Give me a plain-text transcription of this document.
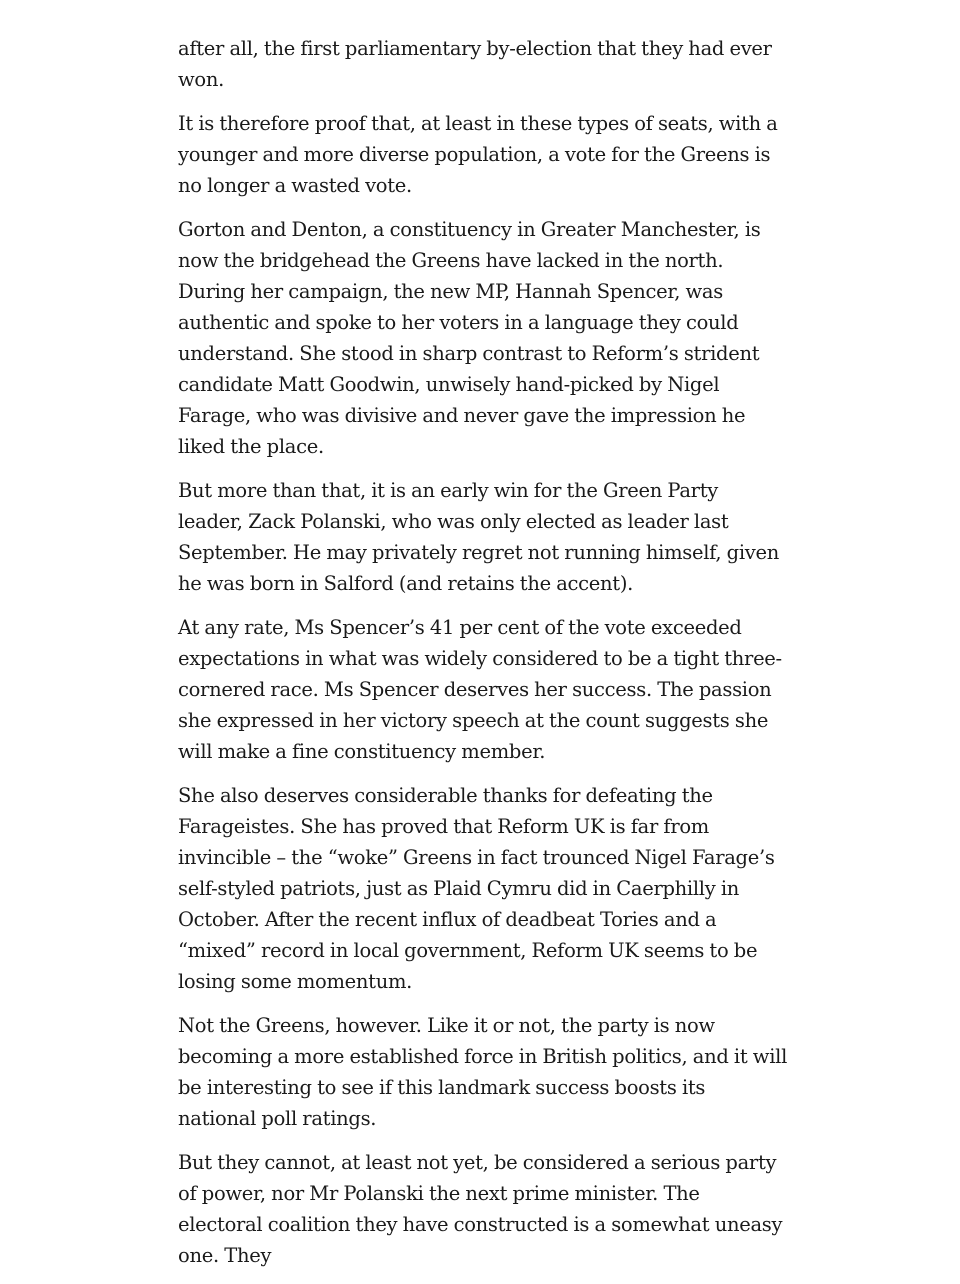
after all, the first parliamentary by-election that they had ever won.

It is therefore proof that, at least in these types of seats, with a younger and more diverse population, a vote for the Greens is no longer a wasted vote.

Gorton and Denton, a constituency in Greater Manchester, is now the bridgehead the Greens have lacked in the north. During her campaign, the new MP, Hannah Spencer, was authentic and spoke to her voters in a language they could understand. She stood in sharp contrast to Reform’s strident candidate Matt Goodwin, unwisely hand-picked by Nigel Farage, who was divisive and never gave the impression he liked the place.

But more than that, it is an early win for the Green Party leader, Zack Polanski, who was only elected as leader last September. He may privately regret not running himself, given he was born in Salford (and retains the accent).

At any rate, Ms Spencer’s 41 per cent of the vote exceeded expectations in what was widely considered to be a tight three-cornered race. Ms Spencer deserves her success. The passion she expressed in her victory speech at the count suggests she will make a fine constituency member.

She also deserves considerable thanks for defeating the Farageistes. She has proved that Reform UK is far from invincible – the “woke” Greens in fact trounced Nigel Farage’s self-styled patriots, just as Plaid Cymru did in Caerphilly in October. After the recent influx of deadbeat Tories and a “mixed” record in local government, Reform UK seems to be losing some momentum.

Not the Greens, however. Like it or not, the party is now becoming a more established force in British politics, and it will be interesting to see if this landmark success boosts its national poll ratings.

But they cannot, at least not yet, be considered a serious party of power, nor Mr Polanski the next prime minister. The electoral coalition they have constructed is a somewhat uneasy one. They
